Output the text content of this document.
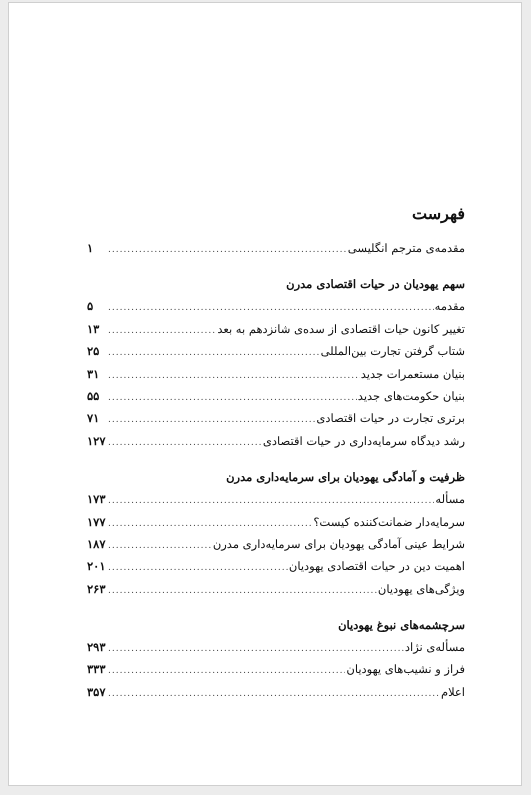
فهرست
مقدمه‌ی مترجم انگلیسی
.....
۱
سهم یهودیان در حیات اقتصادی مدرن
مقدمه
.....
۵
تغییر کانون حیات اقتصادی از سده‌ی شانزدهم به بعد
.....
۱۳
شتاب گرفتن تجارت بین‌المللی
.....
۲۵
بنیان مستعمرات جدید
.....
۳۱
بنیان حکومت‌های جدید
.....
۵۵
برتری تجارت در حیات اقتصادی
.....
۷۱
رشد دیدگاه سرمایه‌داری در حیات اقتصادی
.....
۱۲۷
ظرفیت و آمادگی یهودیان برای سرمایه‌داری مدرن
مسأله
.....
۱۷۳
سرمایه‌دار ضمانت‌کننده کیست؟
.....
۱۷۷
شرایط عینی آمادگی یهودیان برای سرمایه‌داری مدرن
.....
۱۸۷
اهمیت دین در حیات اقتصادی یهودیان
.....
۲۰۱
ویژگی‌های یهودیان
.....
۲۶۳
سرچشمه‌های نبوغ یهودیان
مسأله‌ی نژاد
.....
۲۹۳
فراز و نشیب‌های یهودیان
.....
۳۳۳
اعلام
.....
۳۵۷
